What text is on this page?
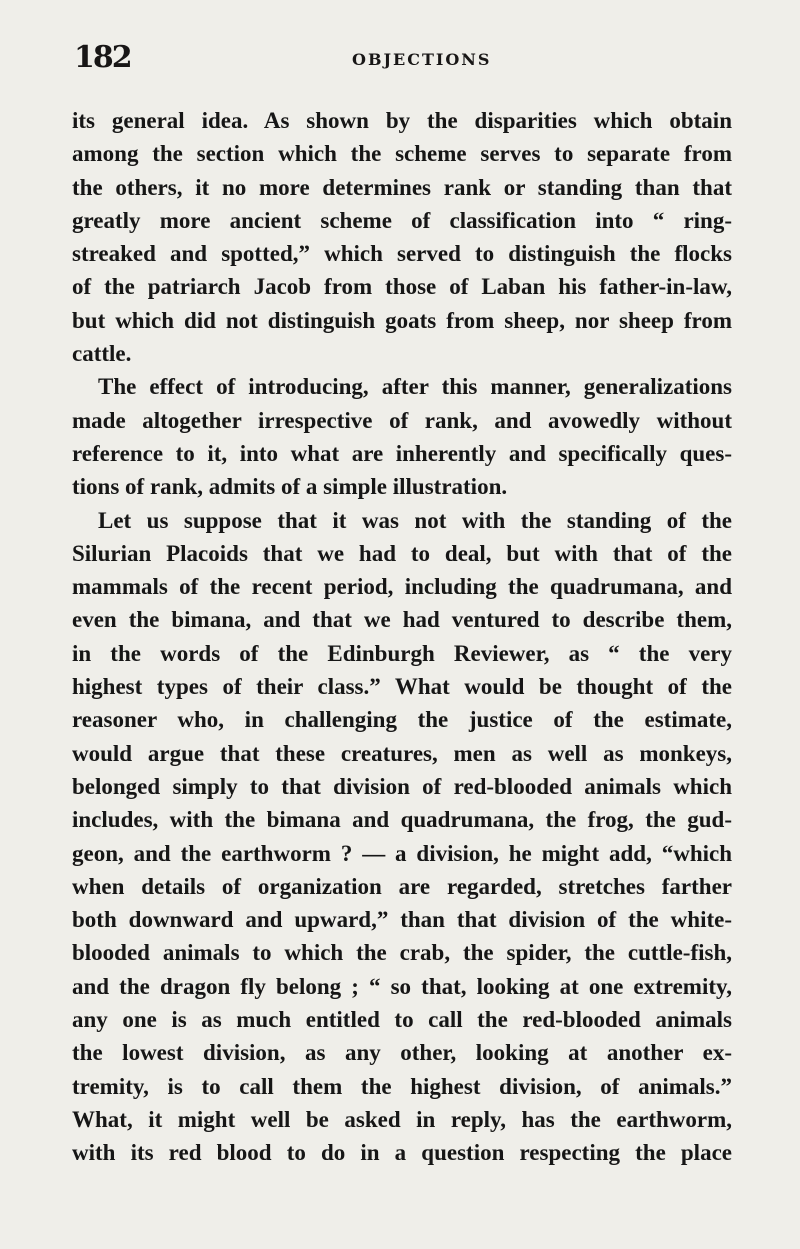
182	OBJECTIONS
its general idea. As shown by the disparities which obtain
among the section which the scheme serves to separate from
the others, it no more determines rank or standing than that
greatly more ancient scheme of classification into “ ring-
streaked and spotted,” which served to distinguish the flocks
of the patriarch Jacob from those of Laban his father-in-law,
but which did not distinguish goats from sheep, nor sheep from
cattle.
The effect of introducing, after this manner, generalizations
made altogether irrespective of rank, and avowedly without
reference to it, into what are inherently and specifically ques-
tions of rank, admits of a simple illustration.
Let us suppose that it was not with the standing of the
Silurian Placoids that we had to deal, but with that of the
mammals of the recent period, including the quadrumana, and
even the bimana, and that we had ventured to describe them,
in the words of the Edinburgh Reviewer, as “ the very
highest types of their class.” What would be thought of the
reasoner who, in challenging the justice of the estimate,
would argue that these creatures, men as well as monkeys,
belonged simply to that division of red-blooded animals which
includes, with the bimana and quadrumana, the frog, the gud-
geon, and the earthworm ? — a division, he might add, “which
when details of organization are regarded, stretches farther
both downward and upward,” than that division of the white-
blooded animals to which the crab, the spider, the cuttle-fish,
and the dragon fly belong ; “ so that, looking at one extremity,
any one is as much entitled to call the red-blooded animals
the lowest division, as any other, looking at another ex-
tremity, is to call them the highest division, of animals.”
What, it might well be asked in reply, has the earthworm,
with its red blood to do in a question respecting the place
